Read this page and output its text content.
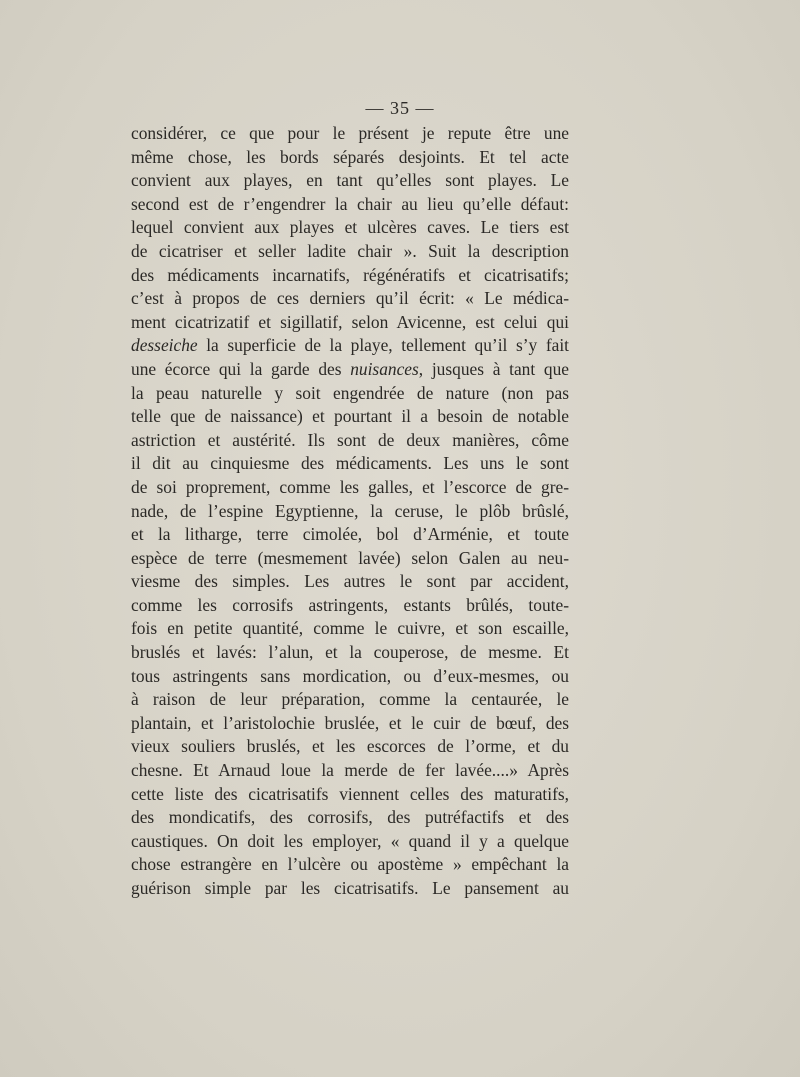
— 35 —
considérer, ce que pour le présent je repute être une
même chose, les bords séparés desjoints. Et tel acte
convient aux playes, en tant qu’elles sont playes. Le
second est de r’engendrer la chair au lieu qu’elle défaut:
lequel convient aux playes et ulcères caves. Le tiers est
de cicatriser et seller ladite chair ». Suit la description
des médicaments incarnatifs, régénératifs et cicatrisatifs;
c’est à propos de ces derniers qu’il écrit: « Le médica-
ment cicatrizatif et sigillatif, selon Avicenne, est celui qui
desseiche la superficie de la playe, tellement qu’il s’y fait
une écorce qui la garde des nuisances, jusques à tant que
la peau naturelle y soit engendrée de nature (non pas
telle que de naissance) et pourtant il a besoin de notable
astriction et austérité. Ils sont de deux manières, côme
il dit au cinquiesme des médicaments. Les uns le sont
de soi proprement, comme les galles, et l’escorce de gre-
nade, de l’espine Egyptienne, la ceruse, le plôb brûslé,
et la litharge, terre cimolée, bol d’Arménie, et toute
espèce de terre (mesmement lavée) selon Galen au neu-
viesme des simples. Les autres le sont par accident,
comme les corrosifs astringents, estants brûlés, toute-
fois en petite quantité, comme le cuivre, et son escaille,
bruslés et lavés: l’alun, et la couperose, de mesme. Et
tous astringents sans mordication, ou d’eux-mesmes, ou
à raison de leur préparation, comme la centaurée, le
plantain, et l’aristolochie bruslée, et le cuir de bœuf, des
vieux souliers bruslés, et les escorces de l’orme, et du
chesne. Et Arnaud loue la merde de fer lavée....» Après
cette liste des cicatrisatifs viennent celles des maturatifs,
des mondicatifs, des corrosifs, des putréfactifs et des
caustiques. On doit les employer, « quand il y a quelque
chose estrangère en l’ulcère ou apostème » empêchant la
guérison simple par les cicatrisatifs. Le pansement au
